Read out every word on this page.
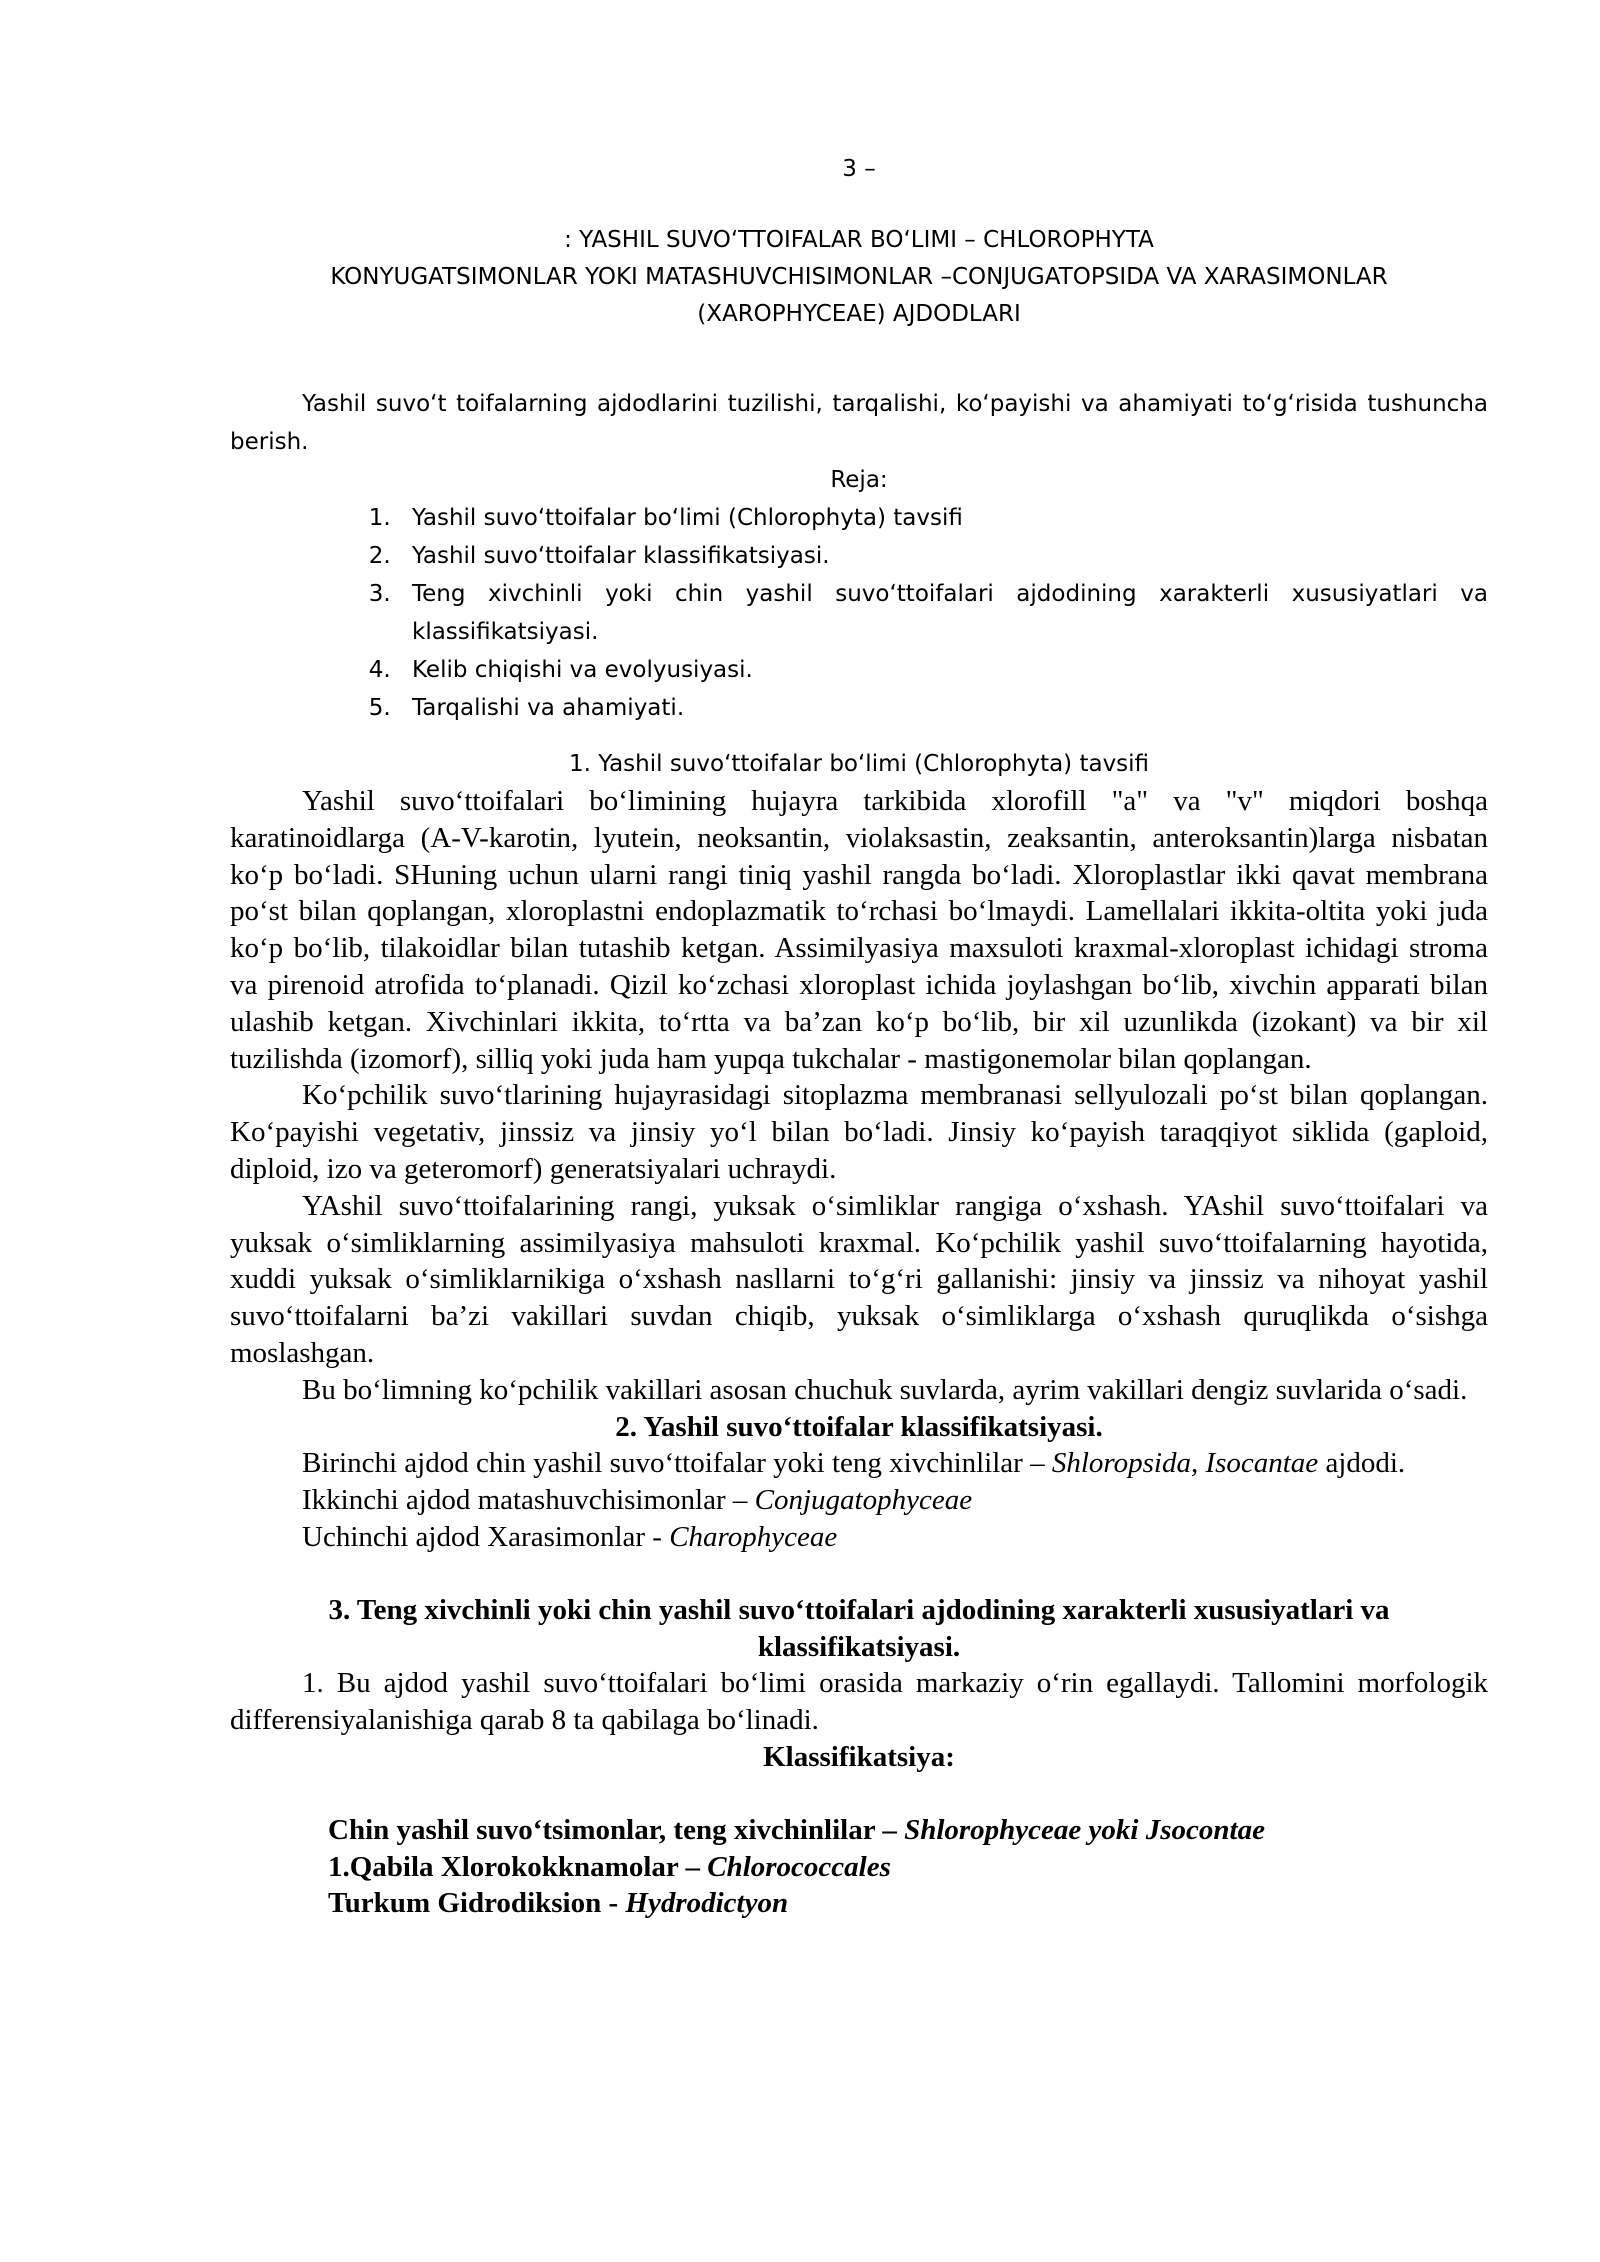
3 –
: YASHIL SUVOʻTTOIFALAR BOʻLIMI – CHLOROPHYTA
KONYUGATSIMONLAR YOKI MATASHUVCHISIMONLAR –CONJUGATOPSIDA VA XARASIMONLAR
(XAROPHYCEAE) AJDODLARI

Yashil suvoʻt toifalarning ajdodlarini tuzilishi, tarqalishi, koʻpayishi va ahamiyati toʻgʻrisida tushuncha berish.

Reja:
1. Yashil suvoʻttoifalar boʻlimi (Chlorophyta) tavsifi
2. Yashil suvoʻttoifalar klassifikatsiyasi.
3. Teng xivchinli yoki chin yashil suvoʻttoifalari ajdodining xarakterli xususiyatlari va klassifikatsiyasi.
4. Kelib chiqishi va evolyusiyasi.
5. Tarqalishi va ahamiyati.
1. Yashil suvoʻttoifalar boʻlimi (Chlorophyta) tavsifi

Yashil suvoʻttoifalari boʻlimining hujayra tarkibida xlorofill "a" va "v" miqdori boshqa karatinoidlarga (A-V-karotin, lyutein, neoksantin, violaksastin, zeaksantin, anteroksantin)larga nisbatan koʻp boʻladi. SHuning uchun ularni rangi tiniq yashil rangda boʻladi. Xloroplastlar ikki qavat membrana poʻst bilan qoplangan, xloroplastni endoplazmatik toʻrchasi boʻlmaydi. Lamellalari ikkita-oltita yoki juda koʻp boʻlib, tilakoidlar bilan tutashib ketgan. Assimilyasiya maxsuloti kraxmal-xloroplast ichidagi stroma va pirenoid atrofida toʻplanadi. Qizil koʻzchasi xloroplast ichida joylashgan boʻlib, xivchin apparati bilan ulashib ketgan. Xivchinlari ikkita, toʻrtta va baʼzan koʻp boʻlib, bir xil uzunlikda (izokant) va bir xil tuzilishda (izomorf), silliq yoki juda ham yupqa tukchalar - mastigonemolar bilan qoplangan.

Koʻpchilik suvoʻtlarining hujayrasidagi sitoplazma membranasi sellyulozali poʻst bilan qoplangan. Koʻpayishi vegetativ, jinssiz va jinsiy yoʻl bilan boʻladi. Jinsiy koʻpayish taraqqiyot siklida (gaploid, diploid, izo va geteromorf) generatsiyalari uchraydi.

YAshil suvoʻttoifalarining rangi, yuksak oʻsimliklar rangiga oʻxshash. YAshil suvoʻttoifalari va yuksak oʻsimliklarning assimilyasiya mahsuloti kraxmal. Koʻpchilik yashil suvoʻttoifalarning hayotida, xuddi yuksak oʻsimliklarnikiga oʻxshash nasllarni toʻgʻri gallanishi: jinsiy va jinssiz va nihoyat yashil suvoʻttoifalarni baʼzi vakillari suvdan chiqib, yuksak oʻsimliklarga oʻxshash quruqlikda oʻsishga moslashgan.

Bu boʻlimning koʻpchilik vakillari asosan chuchuk suvlarda, ayrim vakillari dengiz suvlarida oʻsadi.

2. Yashil suvoʻttoifalar klassifikatsiyasi.

Birinchi ajdod chin yashil suvoʻttoifalar yoki teng xivchinlilar – Shloropsida, Isocantae ajdodi.

Ikkinchi ajdod matashuvchisimonlar – Conjugatophyceae

Uchinchi ajdod Xarasimonlar - Charophyceae

3. Teng xivchinli yoki chin yashil suvoʻttoifalari ajdodining xarakterli xususiyatlari va klassifikatsiyasi.

1. Bu ajdod yashil suvoʻttoifalari boʻlimi orasida markaziy oʻrin egallaydi. Tallomini morfologik differensiyalanishiga qarab 8 ta qabilaga boʻlinadi.

Klassifikatsiya:
Chin yashil suvoʻtsimonlar, teng xivchinlilar – Shlorophyceae yoki Jsocontae
1.Qabila Xlorokokknamolar – Chlorococcales
Turkum Gidrodiksion - Hydrodictyon
